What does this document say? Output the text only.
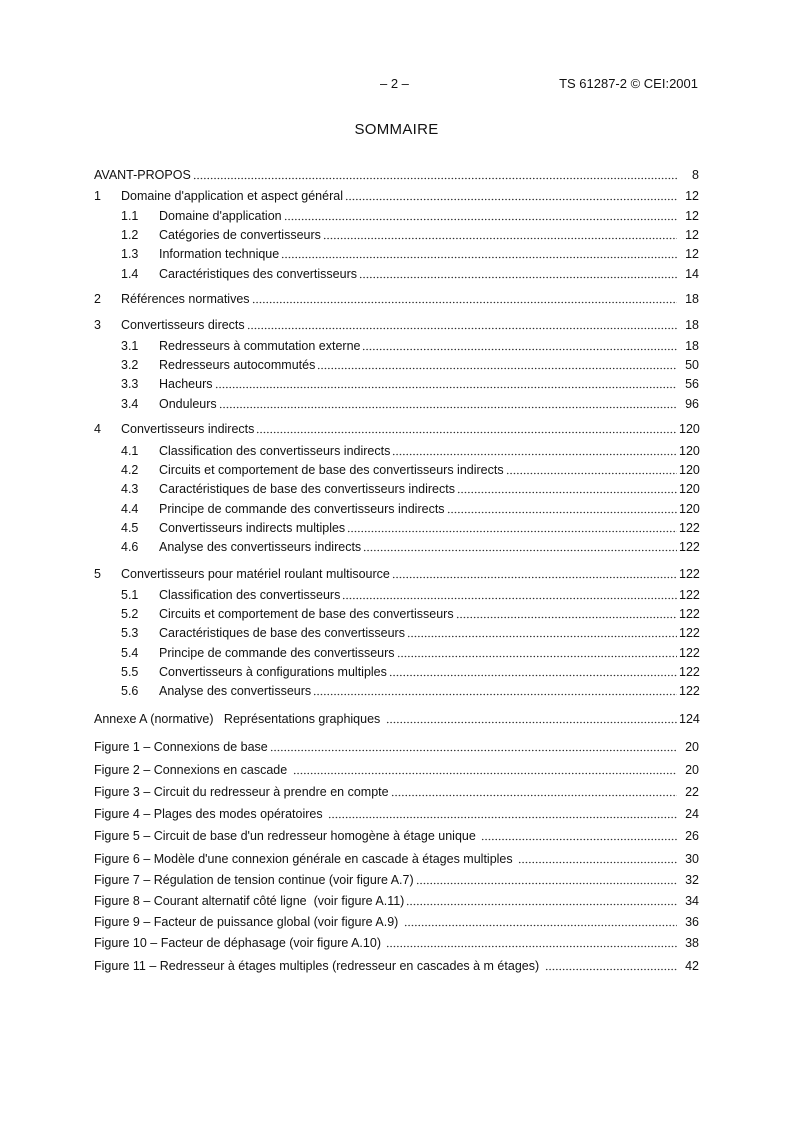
– 2 –	TS 61287-2 © CEI:2001
SOMMAIRE
AVANT-PROPOS	8
1	Domaine d'application et aspect général	12
1.1	Domaine d'application	12
1.2	Catégories de convertisseurs	12
1.3	Information technique	12
1.4	Caractéristiques des convertisseurs	14
2	Références normatives	18
3	Convertisseurs directs	18
3.1	Redresseurs à commutation externe	18
3.2	Redresseurs autocommutés	50
3.3	Hacheurs	56
3.4	Onduleurs	96
4	Convertisseurs indirects	120
4.1	Classification des convertisseurs indirects	120
4.2	Circuits et comportement de base des convertisseurs indirects	120
4.3	Caractéristiques de base des convertisseurs indirects	120
4.4	Principe de commande des convertisseurs indirects	120
4.5	Convertisseurs indirects multiples	122
4.6	Analyse des convertisseurs indirects	122
5	Convertisseurs pour matériel roulant multisource	122
5.1	Classification des convertisseurs	122
5.2	Circuits et comportement de base des convertisseurs	122
5.3	Caractéristiques de base des convertisseurs	122
5.4	Principe de commande des convertisseurs	122
5.5	Convertisseurs à configurations multiples	122
5.6	Analyse des convertisseurs	122
Annexe A (normative)   Représentations graphiques	124
Figure 1 – Connexions de base	20
Figure 2 – Connexions en cascade	20
Figure 3 – Circuit du redresseur à prendre en compte	22
Figure 4 – Plages des modes opératoires	24
Figure 5 – Circuit de base d'un redresseur homogène à étage unique	26
Figure 6 – Modèle d'une connexion générale en cascade à étages multiples	30
Figure 7 – Régulation de tension continue (voir figure A.7)	32
Figure 8 – Courant alternatif côté ligne  (voir figure A.11)	34
Figure 9 – Facteur de puissance global (voir figure A.9)	36
Figure 10 – Facteur de déphasage (voir figure A.10)	38
Figure 11 – Redresseur à étages multiples (redresseur en cascades à m étages)	42
